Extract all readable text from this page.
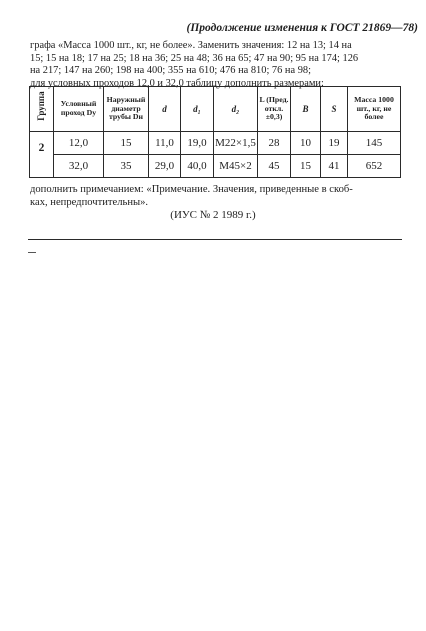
(Продолжение изменения к ГОСТ 21869—78)
графа «Масса 1000 шт., кг, не более». Заменить значения: 12 на 13; 14 на
15; 15 на 18; 17 на 25; 18 на 36; 25 на 48; 36 на 65; 47 на 90; 95 на 174; 126
на 217; 147 на 260; 198 на 400; 355 на 610; 476 на 810; 76 на 98;
для условных проходов 12,0 и 32,0 таблицу дополнить размерами:
Группа	Условный проход Dу	Наружный диаметр трубы Dн	d	d₁	d₂	L (Пред. откл. ±0,3)	B	S	Масса 1000 шт., кг, не более
2	12,0	15	11,0	19,0	M22×1,5	28	10	19	145
	32,0	35	29,0	40,0	M45×2	45	15	41	652
дополнить примечанием: «Примечание. Значения, приведенные в скоб-
ках, непредпочтительны».
(ИУС № 2 1989 г.)
